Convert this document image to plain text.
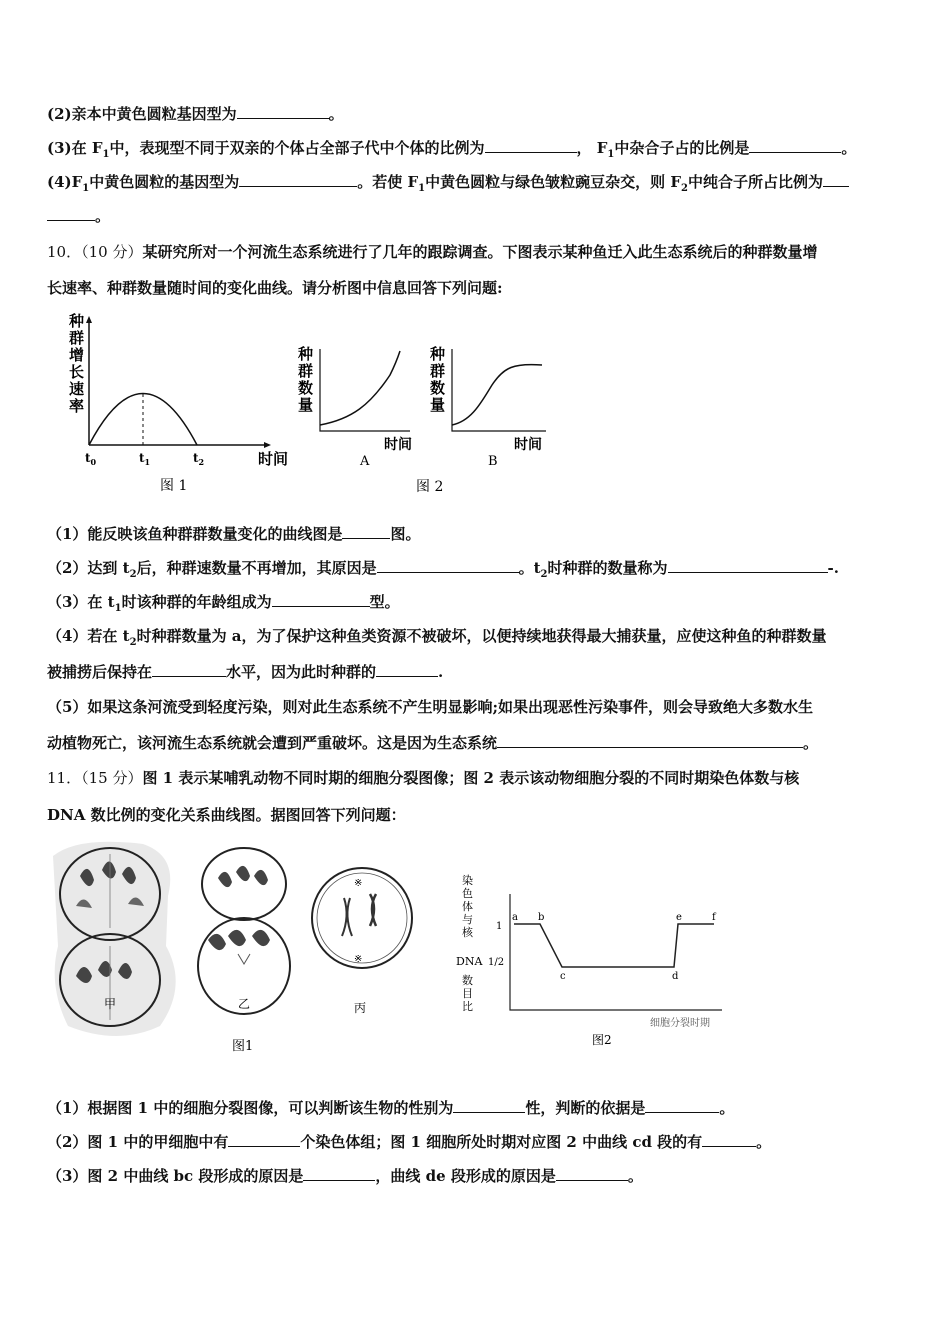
(2)亲本中黄色圆粒基因型为	。
(3)在 $F_1$中，表现型不同于双亲的个体占全部子代中个体的比例为	， $F_1$中杂合子占的比例是	。
$(4)F_1$中黄色圆粒的基因型为	。若使 $F_1$中黄色圆粒与绿色皱粒豌豆杂交，则 $F_2$中纯合子所占比例为
。
10．（10 分）某研究所对一个河流生态系统进行了几年的跟踪调查。下图表示某种鱼迁入此生态系统后的种群数量增
长速率、种群数量随时间的变化曲线。请分析图中信息回答下列问题:
种
群
增
长
速
率
$t_0$	$t_1$	$t_2$	时间
图 1
种
群
数
量
时间
A
种
群
数
量
时间
B
图 2
（1）能反映该鱼种群群数量变化的曲线图是	图。
（2）达到 $t_2$后，种群速数量不再增加，其原因是	。$t_2$时种群的数量称为	-.
（3）在 $t_1$时该种群的年龄组成为	型。
（4）若在 $t_2$时种群数量为 a，为了保护这种鱼类资源不被破坏，以便持续地获得最大捕获量，应使这种鱼的种群数量
被捕捞后保持在	水平，因为此时种群的	.
（5）如果这条河流受到轻度污染，则对此生态系统不产生明显影响;如果出现恶性污染事件，则会导致绝大多数水生
动植物死亡，该河流生态系统就会遭到严重破坏。这是因为生态系统	。
11．（15 分）图 1 表示某哺乳动物不同时期的细胞分裂图像；图 2 表示该动物细胞分裂的不同时期染色体数与核
DNA 数比例的变化关系曲线图。据图回答下列问题：
甲	乙
※
※
丙
图1
染
色
体
与
核
DNA
数
目
比
1
1/2
a b
c	d
e	f
细胞分裂时期
图2
（1）根据图 1 中的细胞分裂图像，可以判断该生物的性别为	性，判断的依据是	。
（2）图 1 中的甲细胞中有	个染色体组；图 1 细胞所处时期对应图 2 中曲线 cd 段的有	。
（3）图 2 中曲线 bc 段形成的原因是	，曲线 de 段形成的原因是	。
